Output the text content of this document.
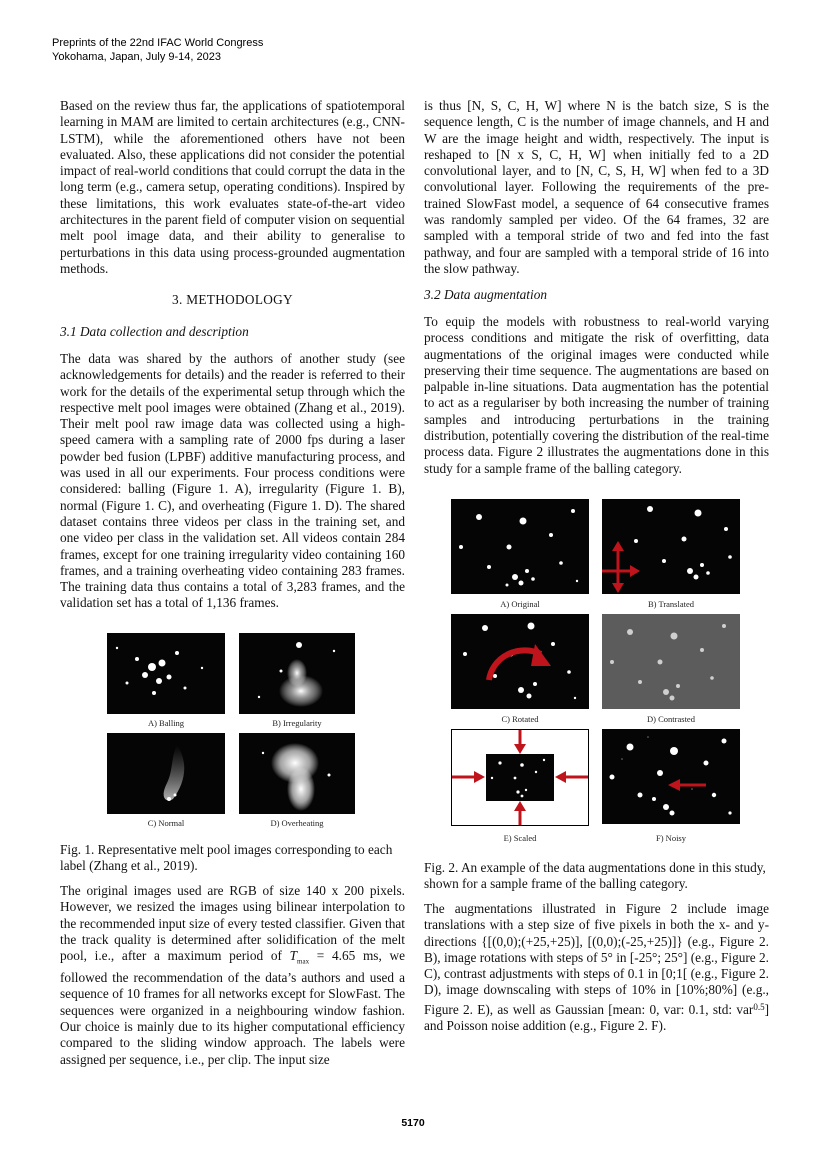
Preprints of the 22nd IFAC World Congress
Yokohama, Japan, July 9-14, 2023

Based on the review thus far, the applications of spatiotemporal learning in MAM are limited to certain architectures (e.g., CNN-LSTM), while the aforementioned others have not been evaluated. Also, these applications did not consider the potential impact of real-world conditions that could corrupt the data in the long term (e.g., camera setup, operating conditions). Inspired by these limitations, this work evaluates state-of-the-art video architectures in the parent field of computer vision on sequential melt pool image data, and their ability to generalise to perturbations in this data using process-grounded augmentation methods.

3. METHODOLOGY
3.1 Data collection and description

The data was shared by the authors of another study (see acknowledgements for details) and the reader is referred to their work for the details of the experimental setup through which the respective melt pool images were obtained (Zhang et al., 2019). Their melt pool raw image data was collected using a high-speed camera with a sampling rate of 2000 fps during a laser powder bed fusion (LPBF) additive manufacturing process, and was used in all our experiments. Four process conditions were considered: balling (Figure 1. A), irregularity (Figure 1. B), normal (Figure 1. C), and overheating (Figure 1. D). The shared dataset contains three videos per class in the training set, and one video per class in the validation set. All videos contain 284 frames, except for one training irregularity video containing 160 frames, and a training overheating video containing 283 frames. The training data thus contains a total of 3,283 frames, and the validation set has a total of 1,136 frames.

A) Balling	B) Irregularity
C) Normal	D) Overheating

Fig. 1. Representative melt pool images corresponding to each label (Zhang et al., 2019).

The original images used are RGB of size 140 x 200 pixels. However, we resized the images using bilinear interpolation to the recommended input size of every tested classifier. Given that the track quality is determined after solidification of the melt pool, i.e., after a maximum period of $T_{max} = 4.65$ ms, we followed the recommendation of the data’s authors and used a sequence of 10 frames for all networks except for SlowFast. The sequences were organized in a neighbouring window fashion. Our choice is mainly due to its higher computational efficiency compared to the sliding window approach. The labels were assigned per sequence, i.e., per clip. The input size

is thus [N, S, C, H, W] where N is the batch size, S is the sequence length, C is the number of image channels, and H and W are the image height and width, respectively. The input is reshaped to [N x S, C, H, W] when initially fed to a 2D convolutional layer, and to [N, C, S, H, W] when fed to a 3D convolutional layer. Following the requirements of the pre-trained SlowFast model, a sequence of 64 consecutive frames was randomly sampled per video. Of the 64 frames, 32 are sampled with a temporal stride of two and fed into the fast pathway, and four are sampled with a temporal stride of 16 into the slow pathway.

3.2 Data augmentation

To equip the models with robustness to real-world varying process conditions and mitigate the risk of overfitting, data augmentations of the original images were conducted while preserving their time sequence. The augmentations are based on palpable in-line situations. Data augmentation has the potential to act as a regulariser by both increasing the number of training samples and introducing perturbations in the training distribution, potentially covering the distribution of the real-time process data. Figure 2 illustrates the augmentations done in this study for a sample frame of the balling category.

A) Original	B) Translated
C) Rotated	D) Contrasted
E) Scaled	F) Noisy

Fig. 2. An example of the data augmentations done in this study, shown for a sample frame of the balling category.

The augmentations illustrated in Figure 2 include image translations with a step size of five pixels in both the x- and y-directions {[(0,0);(+25,+25)], [(0,0);(-25,+25)]} (e.g., Figure 2. B), image rotations with steps of 5° in [-25°; 25°] (e.g., Figure 2. C), contrast adjustments with steps of 0.1 in [0;1[ (e.g., Figure 2. D), image downscaling with steps of 10% in [10%;80%] (e.g., Figure 2. E), as well as Gaussian [mean: 0, var: 0.1, std: var$^{0.5}$] and Poisson noise addition (e.g., Figure 2. F).

5170
